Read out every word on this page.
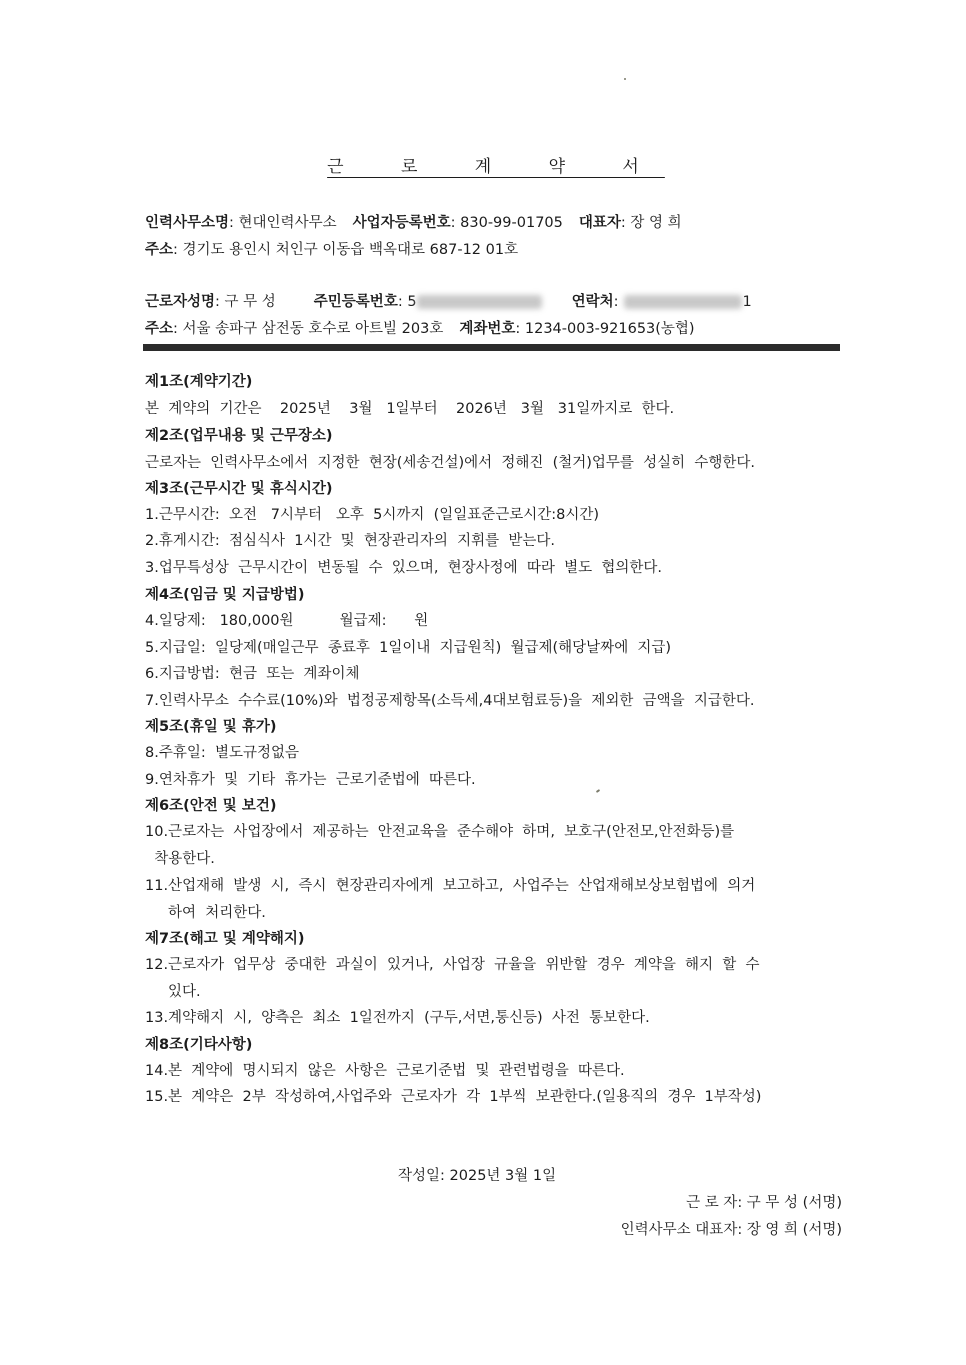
근 로 계 약 서
인력사무소명: 현대인력사무소 사업자등록번호: 830-99-01705 대표자: 장 영 희
주소: 경기도 용인시 처인구 이동읍 백옥대로 687-12 01호
근로자성명: 구 무 성	주민등록번호: 5	연락처:	1
주소: 서울 송파구 삼전동 호수로 아트빌 203호 계좌번호: 1234-003-921653(농협)
제1조(계약기간)
본  계약의  기간은    2025년    3월   1일부터    2026년   3월   31일까지로  한다.
제2조(업무내용 및 근무장소)
근로자는  인력사무소에서  지정한  현장(세송건설)에서  정해진  (철거)업무를  성실히  수행한다.
제3조(근무시간 및 휴식시간)
1.근무시간:  오전   7시부터   오후  5시까지  (일일표준근로시간:8시간)
2.휴게시간:  점심식사  1시간  및  현장관리자의  지휘를  받는다.
3.업무특성상  근무시간이  변동될  수  있으며,  현장사정에  따라  별도  협의한다.
제4조(임금 및 지급방법)
4.일당제:   180,000원          월급제:      원
5.지급일:  일당제(매일근무  종료후  1일이내  지급원칙)  월급제(해당날짜에  지급)
6.지급방법:  현금  또는  계좌이체
7.인력사무소  수수료(10%)와  법정공제항목(소득세,4대보험료등)을  제외한  금액을  지급한다.
제5조(휴일 및 휴가)
8.주휴일:  별도규정없음
9.연차휴가  및  기타  휴가는  근로기준법에  따른다.
제6조(안전 및 보건)
10.근로자는  사업장에서  제공하는  안전교육을  준수해야  하며,  보호구(안전모,안전화등)를
착용한다.
11.산업재해  발생  시,  즉시  현장관리자에게  보고하고,  사업주는  산업재해보상보험법에  의거
하여  처리한다.
제7조(해고 및 계약해지)
12.근로자가  업무상  중대한  과실이  있거나,  사업장  규율을  위반할  경우  계약을  해지  할  수
있다.
13.계약해지  시,  양측은  최소  1일전까지  (구두,서면,통신등)  사전  통보한다.
제8조(기타사항)
14.본  계약에  명시되지  않은  사항은  근로기준법  및  관련법령을  따른다.
15.본  계약은  2부  작성하여,사업주와  근로자가  각  1부씩  보관한다.(일용직의  경우  1부작성)
작성일: 2025년 3월 1일
근 로 자: 구 무 성 (서명)
인력사무소 대표자: 장 영 희 (서명)
